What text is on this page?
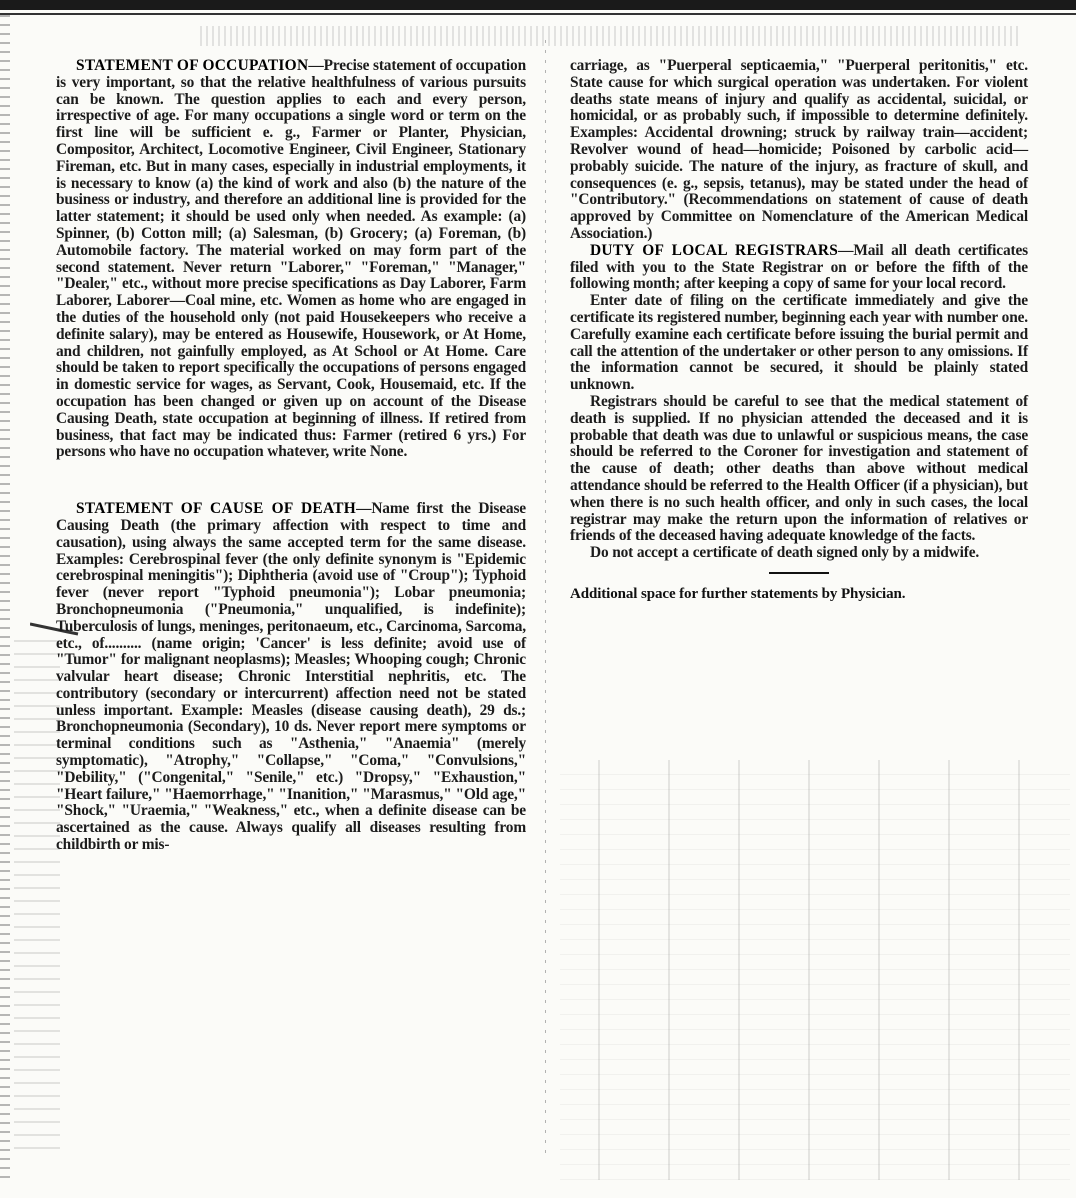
STATEMENT OF OCCUPATION—Precise statement of occupation is very important, so that the relative healthfulness of various pursuits can be known. The question applies to each and every person, irrespective of age. For many occupations a single word or term on the first line will be sufficient e. g., Farmer or Planter, Physician, Compositor, Architect, Locomotive Engineer, Civil Engineer, Stationary Fireman, etc. But in many cases, especially in industrial employments, it is necessary to know (a) the kind of work and also (b) the nature of the business or industry, and therefore an additional line is provided for the latter statement; it should be used only when needed. As example: (a) Spinner, (b) Cotton mill; (a) Salesman, (b) Grocery; (a) Foreman, (b) Automobile factory. The material worked on may form part of the second statement. Never return "Laborer," "Foreman," "Manager," "Dealer," etc., without more precise specifications as Day Laborer, Farm Laborer, Laborer—Coal mine, etc. Women as home who are engaged in the duties of the household only (not paid Housekeepers who receive a definite salary), may be entered as Housewife, Housework, or At Home, and children, not gainfully employed, as At School or At Home. Care should be taken to report specifically the occupations of persons engaged in domestic service for wages, as Servant, Cook, Housemaid, etc. If the occupation has been changed or given up on account of the Disease Causing Death, state occupation at beginning of illness. If retired from business, that fact may be indicated thus: Farmer (retired 6 yrs.) For persons who have no occupation whatever, write None.

STATEMENT OF CAUSE OF DEATH—Name first the Disease Causing Death (the primary affection with respect to time and causation), using always the same accepted term for the same disease. Examples: Cerebrospinal fever (the only definite synonym is "Epidemic cerebrospinal meningitis"); Diphtheria (avoid use of "Croup"); Typhoid fever (never report "Typhoid pneumonia"); Lobar pneumonia; Bronchopneumonia ("Pneumonia," unqualified, is indefinite); Tuberculosis of lungs, meninges, peritonaeum, etc., Carcinoma, Sarcoma, etc., of.......... (name origin; 'Cancer' is less definite; avoid use of "Tumor" for malignant neoplasms); Measles; Whooping cough; Chronic valvular heart disease; Chronic Interstitial nephritis, etc. The contributory (secondary or intercurrent) affection need not be stated unless important. Example: Measles (disease causing death), 29 ds.; Bronchopneumonia (Secondary), 10 ds. Never report mere symptoms or terminal conditions such as "Asthenia," "Anaemia" (merely symptomatic), "Atrophy," "Collapse," "Coma," "Convulsions," "Debility," ("Congenital," "Senile," etc.) "Dropsy," "Exhaustion," "Heart failure," "Haemorrhage," "Inanition," "Marasmus," "Old age," "Shock," "Uraemia," "Weakness," etc., when a definite disease can be ascertained as the cause. Always qualify all diseases resulting from childbirth or mis-

carriage, as "Puerperal septicaemia," "Puerperal peritonitis," etc. State cause for which surgical operation was undertaken. For violent deaths state means of injury and qualify as accidental, suicidal, or homicidal, or as probably such, if impossible to determine definitely. Examples: Accidental drowning; struck by railway train—accident; Revolver wound of head—homicide; Poisoned by carbolic acid—probably suicide. The nature of the injury, as fracture of skull, and consequences (e. g., sepsis, tetanus), may be stated under the head of "Contributory." (Recommendations on statement of cause of death approved by Committee on Nomenclature of the American Medical Association.)

DUTY OF LOCAL REGISTRARS—Mail all death certificates filed with you to the State Registrar on or before the fifth of the following month; after keeping a copy of same for your local record.

Enter date of filing on the certificate immediately and give the certificate its registered number, beginning each year with number one. Carefully examine each certificate before issuing the burial permit and call the attention of the undertaker or other person to any omissions. If the information cannot be secured, it should be plainly stated unknown.

Registrars should be careful to see that the medical statement of death is supplied. If no physician attended the deceased and it is probable that death was due to unlawful or suspicious means, the case should be referred to the Coroner for investigation and statement of the cause of death; other deaths than above without medical attendance should be referred to the Health Officer (if a physician), but when there is no such health officer, and only in such cases, the local registrar may make the return upon the information of relatives or friends of the deceased having adequate knowledge of the facts.

Do not accept a certificate of death signed only by a midwife.

Additional space for further statements by Physician.
